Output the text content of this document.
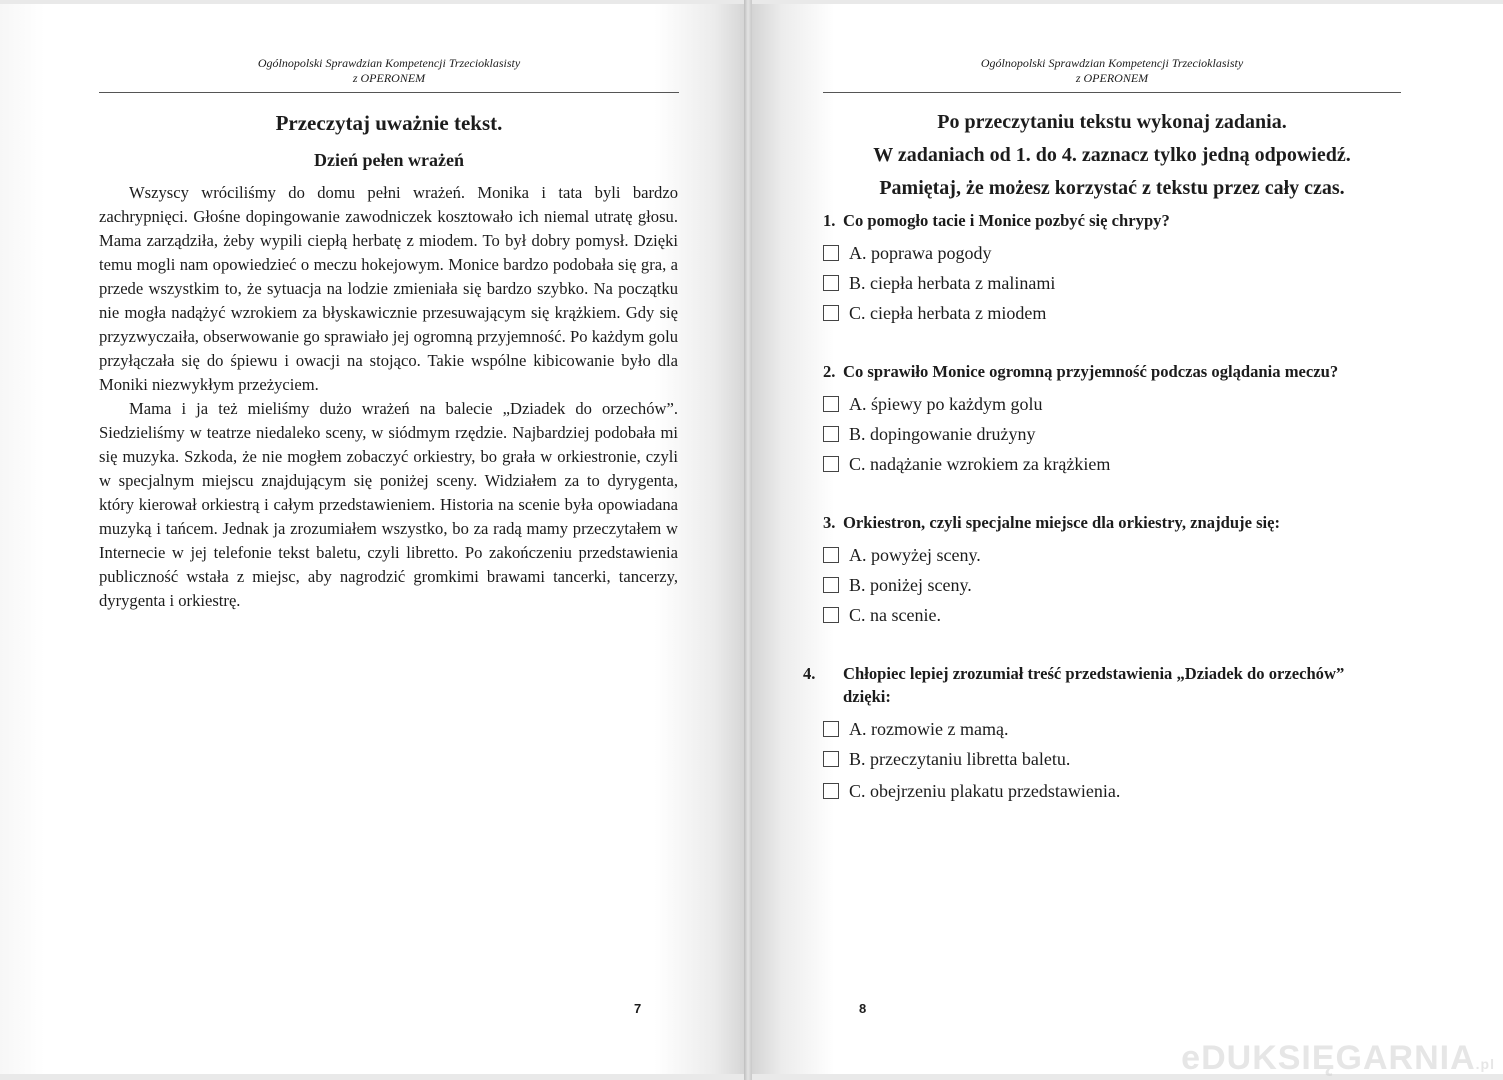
Ogólnopolski Sprawdzian Kompetencji Trzecioklasisty
z OPERONEM
Przeczytaj uważnie tekst.
Dzień pełen wrażeń

Wszyscy wróciliśmy do domu pełni wrażeń. Monika i tata byli bardzo zachrypnięci. Głośne dopingowanie zawodniczek kosztowało ich niemal utratę głosu. Mama zarządziła, żeby wypili ciepłą herbatę z miodem. To był dobry pomysł. Dzięki temu mogli nam opowiedzieć o meczu hokejowym. Monice bardzo podobała się gra, a przede wszystkim to, że sytuacja na lodzie zmieniała się bardzo szybko. Na początku nie mogła nadążyć wzrokiem za błyskawicznie przesuwającym się krążkiem. Gdy się przyzwyczaiła, obserwowanie go sprawiało jej ogromną przyjemność. Po każdym golu przyłączała się do śpiewu i owacji na stojąco. Takie wspólne kibicowanie było dla Moniki niezwykłym przeżyciem.

Mama i ja też mieliśmy dużo wrażeń na balecie „Dziadek do orzechów”. Siedzieliśmy w teatrze niedaleko sceny, w siódmym rzędzie. Najbardziej podobała mi się muzyka. Szkoda, że nie mogłem zobaczyć orkiestry, bo grała w orkiestronie, czyli w specjalnym miejscu znajdującym się poniżej sceny. Widziałem za to dyrygenta, który kierował orkiestrą i całym przedstawieniem. Historia na scenie była opowiadana muzyką i tańcem. Jednak ja zrozumiałem wszystko, bo za radą mamy przeczytałem w Internecie w jej telefonie tekst baletu, czyli libretto. Po zakończeniu przedstawienia publiczność wstała z miejsc, aby nagrodzić gromkimi brawami tancerki, tancerzy, dyrygenta i orkiestrę.

7
Ogólnopolski Sprawdzian Kompetencji Trzecioklasisty
z OPERONEM
Po przeczytaniu tekstu wykonaj zadania.
W zadaniach od 1. do 4. zaznacz tylko jedną odpowiedź.
Pamiętaj, że możesz korzystać z tekstu przez cały czas.
1. Co pomogło tacie i Monice pozbyć się chrypy?
A. poprawa pogody
B. ciepła herbata z malinami
C. ciepła herbata z miodem
2. Co sprawiło Monice ogromną przyjemność podczas oglądania meczu?
A. śpiewy po każdym golu
B. dopingowanie drużyny
C. nadążanie wzrokiem za krążkiem
3. Orkiestron, czyli specjalne miejsce dla orkiestry, znajduje się:
A. powyżej sceny.
B. poniżej sceny.
C. na scenie.
4. Chłopiec lepiej zrozumiał treść przedstawienia „Dziadek do orzechów” dzięki:
A. rozmowie z mamą.
B. przeczytaniu libretta baletu.
C. obejrzeniu plakatu przedstawienia.
8
eDUKSIĘGARNIA.pl
